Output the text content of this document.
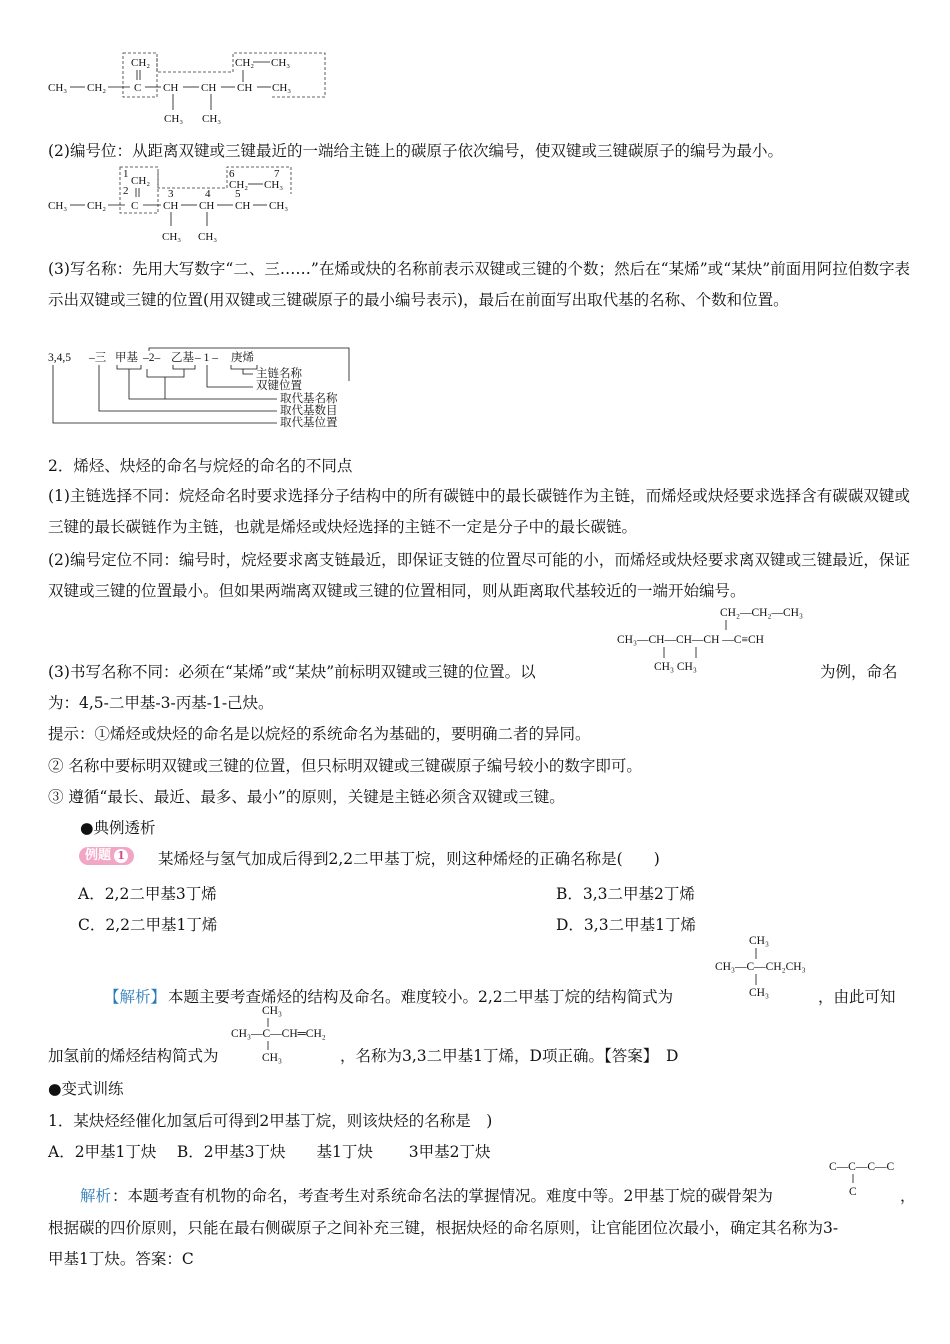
CH₂	CH₂ CH₃
CH₃ CH₂	C CH CH CH CH₃
CH₃ CH₃
(2)编号位：从距离双键或三键最近的一端给主链上的碳原子依次编号，使双键或三键碳原子的编号为最小。
1
CH₂
2	3	4
6	7
CH₂ CH₃
5
CH₃ CH₂ C CH CH CH CH₃
CH₃ CH₃
(3)写名称：先用大写数字“二、三……”在烯或炔的名称前表示双键或三键的个数；然后在“某烯”或“某炔”前面用阿拉伯数字表示出双键或三键的位置(用双键或三键碳原子的最小编号表示)，最后在前面写出取代基的名称、个数和位置。
3,4,5 –三 甲基 –2– 乙基 – 1 – 庚烯
主链名称
双键位置
取代基名称
取代基数目
取代基位置
2．烯烃、炔烃的命名与烷烃的命名的不同点
(1)主链选择不同：烷烃命名时要求选择分子结构中的所有碳链中的最长碳链作为主链，而烯烃或炔烃要求选择含有碳碳双键或三键的最长碳链作为主链，也就是烯烃或炔烃选择的主链不一定是分子中的最长碳链。
(2)编号定位不同：编号时，烷烃要求离支链最近，即保证支链的位置尽可能的小，而烯烃或炔烃要求离双键或三键最近，保证双键或三键的位置最小。但如果两端离双键或三键的位置相同，则从距离取代基较近的一端开始编号。
CH₂—CH₂—CH₃
CH₃—CH—CH—CH —C≡CH
CH₃ CH₃
(3)书写名称不同：必须在“某烯”或“某炔”前标明双键或三键的位置。以	为例，命名
为：4,5-二甲基-3-丙基-1-己炔。
提示：①烯烃或炔烃的命名是以烷烃的系统命名为基础的，要明确二者的异同。
② 名称中要标明双键或三键的位置，但只标明双键或三键碳原子编号较小的数字即可。
③ 遵循“最长、最近、最多、最小”的原则，关键是主链必须含双键或三键。
●典例透析
例题 1	某烯烃与氢气加成后得到2,2二甲基丁烷，则这种烯烃的正确名称是(　　)
A．2,2二甲基3丁烯	B．3,3二甲基2丁烯
C．2,2二甲基1丁烯	D．3,3二甲基1丁烯
CH₃
CH₃—C—CH₂CH₃
CH₃
【解析】 本题主要考查烯烃的结构及命名。难度较小。2,2二甲基丁烷的结构简式为	，由此可知
CH₃
CH₃—C—CH═CH₂
CH₃
加氢前的烯烃结构简式为	，名称为3,3二甲基1丁烯，D项正确。【答案】　D
●变式训练
1．某炔烃经催化加氢后可得到2甲基丁烷，则该炔烃的名称是　)
A．2甲基1丁炔　 B．2甲基3丁炔　　基1丁炔　　 3甲基2丁炔
C—C—C—C
C
解析 ：本题考查有机物的命名，考查考生对系统命名法的掌握情况。难度中等。2甲基丁烷的碳骨架为	，
根据碳的四价原则，只能在最右侧碳原子之间补充三键，根据炔烃的命名原则，让官能团位次最小，确定其名称为3-
甲基1丁炔。答案：C
